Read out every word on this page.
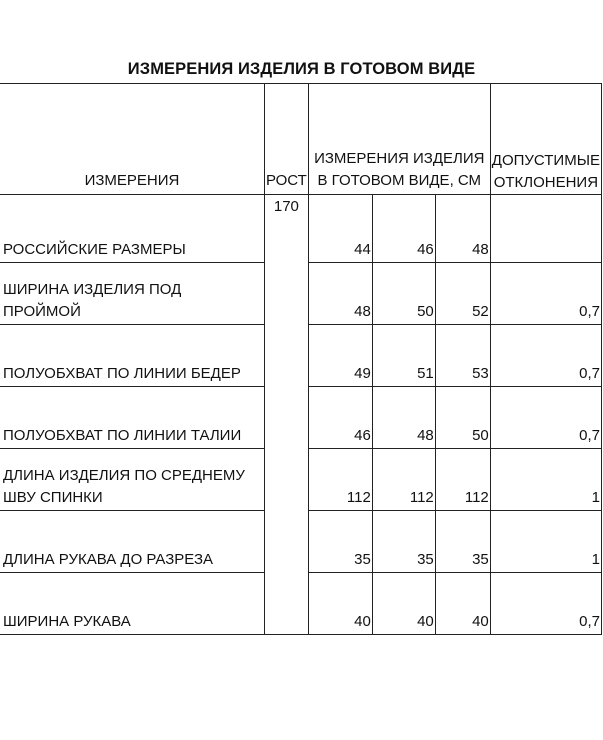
ИЗМЕРЕНИЯ ИЗДЕЛИЯ В ГОТОВОМ ВИДЕ
ИЗМЕРЕНИЯ	РОСТ	ИЗМЕРЕНИЯ ИЗДЕЛИЯ В ГОТОВОМ ВИДЕ, СМ			ДОПУСТИМЫЕ ОТКЛОНЕНИЯ
РОССИЙСКИЕ РАЗМЕРЫ	170	44	46	48	
ШИРИНА ИЗДЕЛИЯ ПОД ПРОЙМОЙ		48	50	52	0,7
ПОЛУОБХВАТ ПО ЛИНИИ БЕДЕР		49	51	53	0,7
ПОЛУОБХВАТ ПО ЛИНИИ ТАЛИИ		46	48	50	0,7
ДЛИНА ИЗДЕЛИЯ ПО СРЕДНЕМУ ШВУ СПИНКИ		112	112	112	1
ДЛИНА РУКАВА ДО РАЗРЕЗА		35	35	35	1
ШИРИНА РУКАВА		40	40	40	0,7
